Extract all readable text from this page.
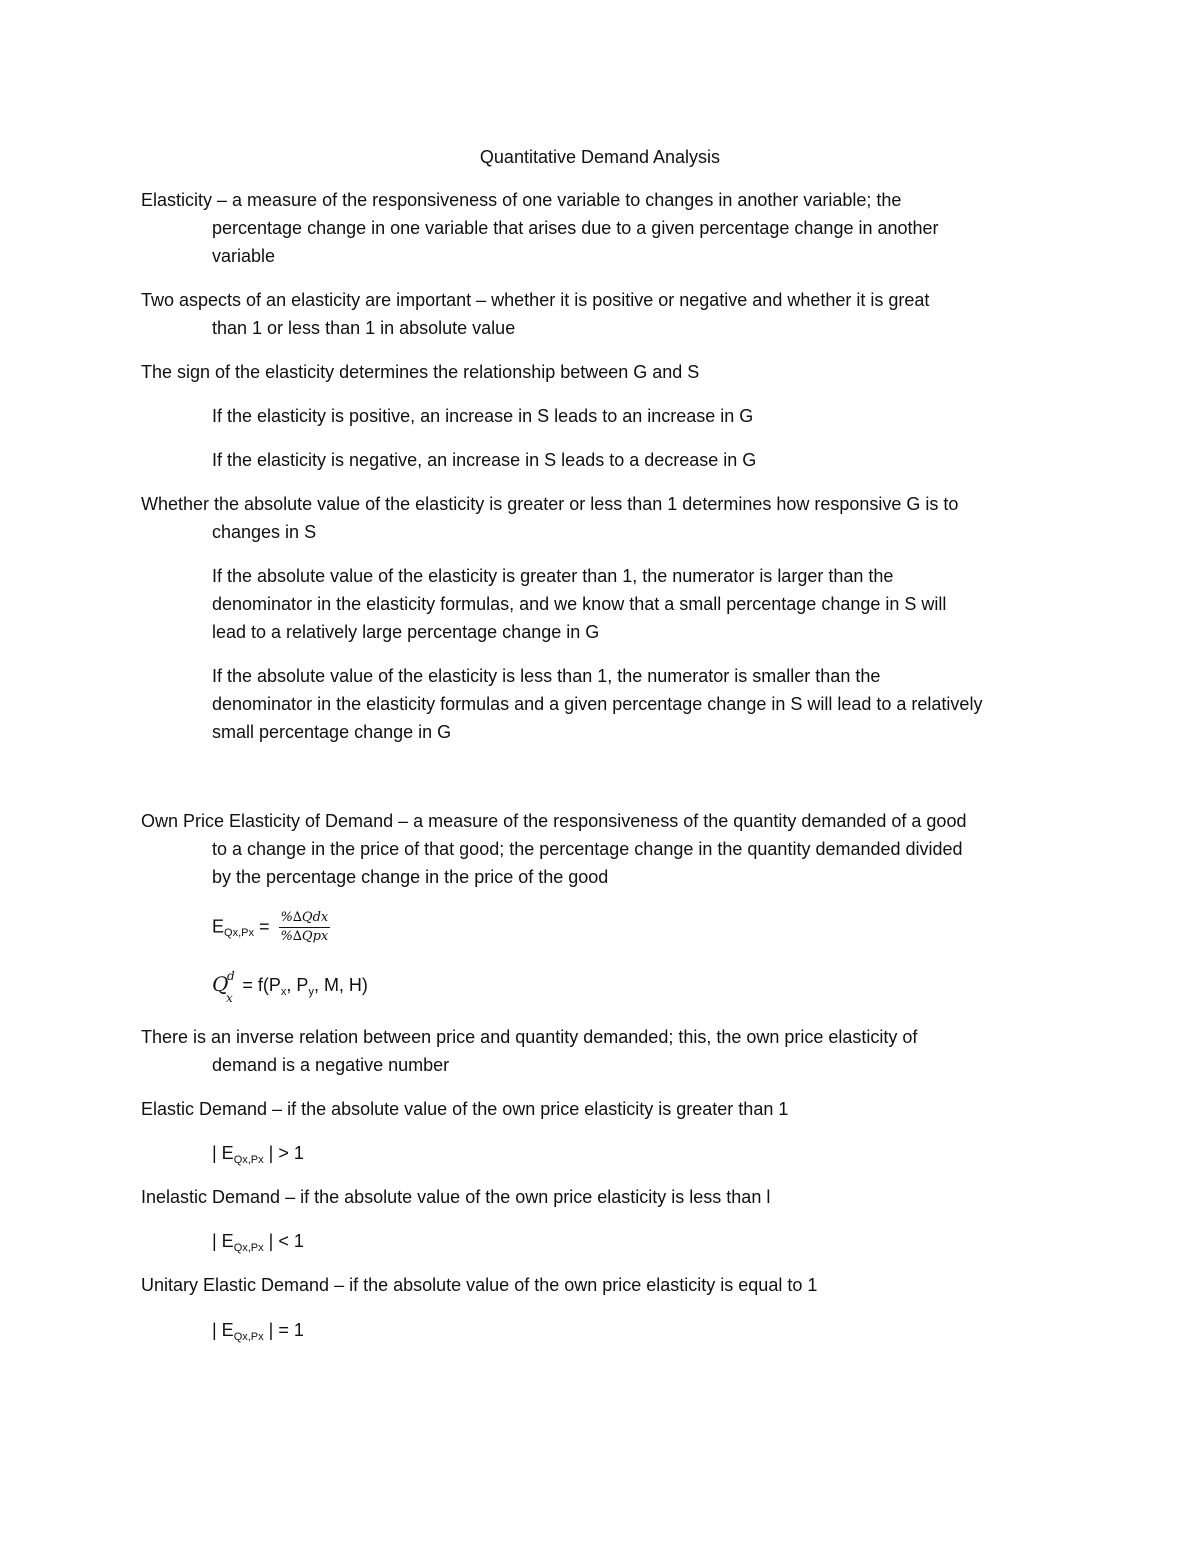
Quantitative Demand Analysis
Elasticity – a measure of the responsiveness of one variable to changes in another variable; the
percentage change in one variable that arises due to a given percentage change in another
variable
Two aspects of an elasticity are important – whether it is positive or negative and whether it is great
than 1 or less than 1 in absolute value
The sign of the elasticity determines the relationship between G and S
If the elasticity is positive, an increase in S leads to an increase in G
If the elasticity is negative, an increase in S leads to a decrease in G
Whether the absolute value of the elasticity is greater or less than 1 determines how responsive G is to
changes in S
If the absolute value of the elasticity is greater than 1, the numerator is larger than the
denominator in the elasticity formulas, and we know that a small percentage change in S will
lead to a relatively large percentage change in G
If the absolute value of the elasticity is less than 1, the numerator is smaller than the
denominator in the elasticity formulas and a given percentage change in S will lead to a relatively
small percentage change in G
Own Price Elasticity of Demand – a measure of the responsiveness of the quantity demanded of a good
to a change in the price of that good; the percentage change in the quantity demanded divided
by the percentage change in the price of the good
$E_{Qx,Px} = \frac{\text{\%∆Qdx}}{\text{\%∆Qpx}}$
Q
d
x
= $f(P_x$, $P_y$, M, H)
There is an inverse relation between price and quantity demanded; this, the own price elasticity of
demand is a negative number
Elastic Demand – if the absolute value of the own price elasticity is greater than 1
| $E_{Qx,Px}$ | > 1
Inelastic Demand – if the absolute value of the own price elasticity is less than l
| $E_{Qx,Px}$ | < 1
Unitary Elastic Demand – if the absolute value of the own price elasticity is equal to 1
| $E_{Qx,Px}$ | = 1
